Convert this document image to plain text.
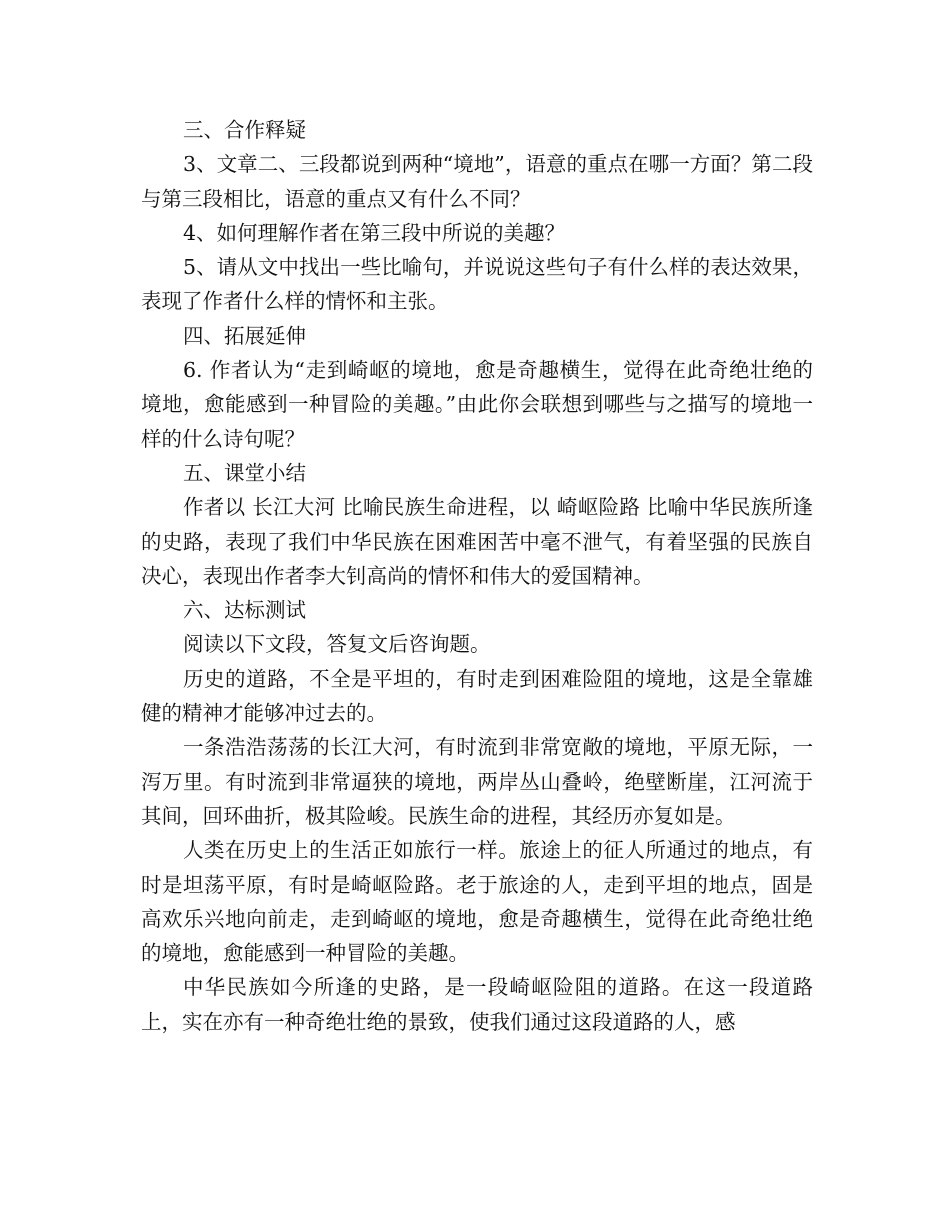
三、合作释疑

3、文章二、三段都说到两种“境地”，语意的重点在哪一方面？第二段与第三段相比，语意的重点又有什么不同？

4、如何理解作者在第三段中所说的美趣？

5、请从文中找出一些比喻句，并说说这些句子有什么样的表达效果，表现了作者什么样的情怀和主张。

四、拓展延伸

6. 作者认为“走到崎岖的境地，愈是奇趣横生，觉得在此奇绝壮绝的境地，愈能感到一种冒险的美趣。”由此你会联想到哪些与之描写的境地一样的什么诗句呢？

五、课堂小结

作者以 长江大河 比喻民族生命进程，以 崎岖险路 比喻中华民族所逢的史路，表现了我们中华民族在困难困苦中毫不泄气，有着坚强的民族自决心，表现出作者李大钊高尚的情怀和伟大的爱国精神。

六、达标测试

阅读以下文段，答复文后咨询题。

历史的道路，不全是平坦的，有时走到困难险阻的境地，这是全靠雄健的精神才能够冲过去的。

一条浩浩荡荡的长江大河，有时流到非常宽敞的境地，平原无际，一泻万里。有时流到非常逼狭的境地，两岸丛山叠岭，绝壁断崖，江河流于其间，回环曲折，极其险峻。民族生命的进程，其经历亦复如是。

人类在历史上的生活正如旅行一样。旅途上的征人所通过的地点，有时是坦荡平原，有时是崎岖险路。老于旅途的人，走到平坦的地点，固是高欢乐兴地向前走，走到崎岖的境地，愈是奇趣横生，觉得在此奇绝壮绝的境地，愈能感到一种冒险的美趣。

中华民族如今所逢的史路，是一段崎岖险阻的道路。在这一段道路上，实在亦有一种奇绝壮绝的景致，使我们通过这段道路的人，感
